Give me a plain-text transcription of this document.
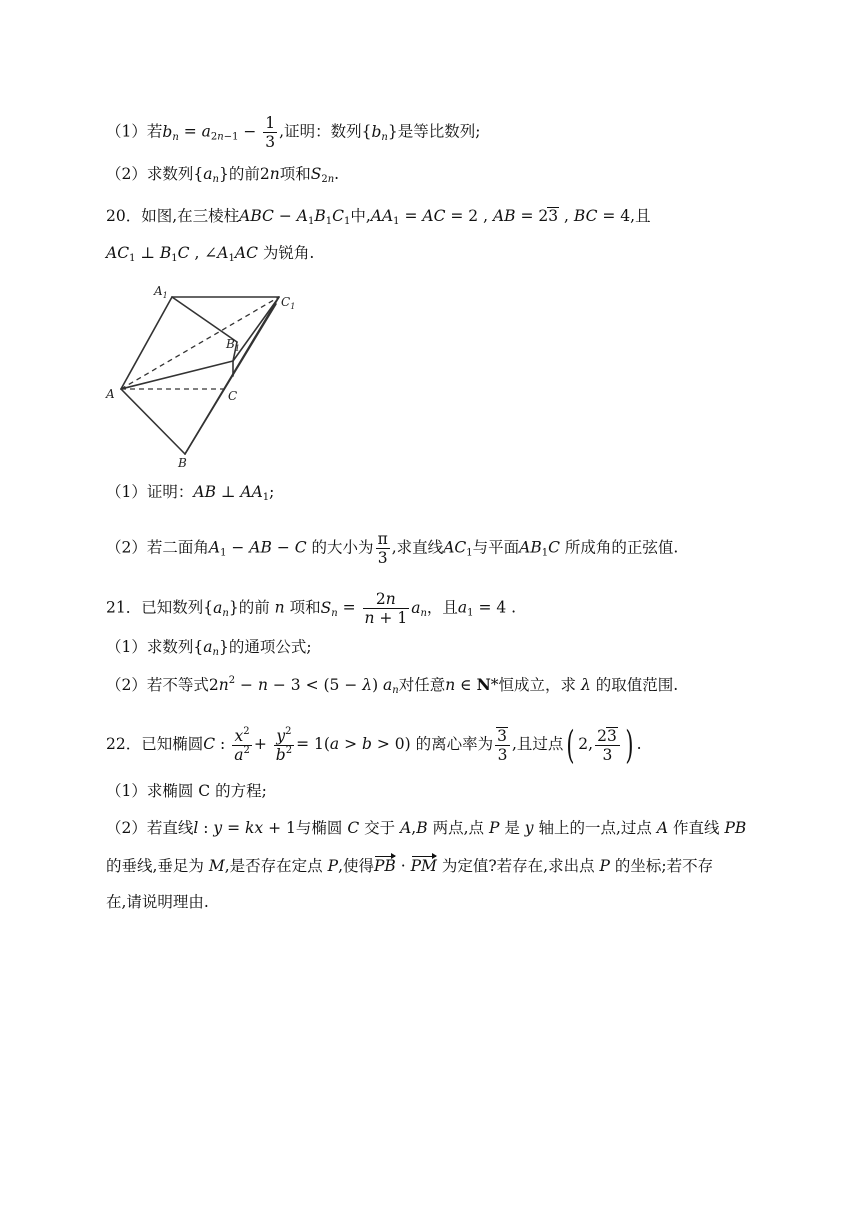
（1）若$b_n = a_{2n-1} - \frac{1}{3}$ ,证明：数列$\{b_n\}$是等比数列;
（2）求数列$\{a_n\}$的前2n项和$S_{2n}$.
20．如图,在三棱柱ABC − $A_1B_1C_1$中$,AA_1$ = AC = 2 , AB = 23 , BC = 4,且
$AC_1$ ⊥ $B_1C$ , $\angle A_1AC$ 为锐角.
$A_1$	$C_1$
$B_1$
A	C
B
（1）证明：AB ⊥ $AA_1$;
（2）若二面角$A_1$ − AB − C 的大小为 $\frac{\pi}{3}$ ,求直线$AC_1$与平面$AB_1C$ 所成角的正弦值.
21．已知数列$\{a_n\}$的前 n 项和$S_n = \frac{2n}{n + 1} a_n$，且$a_1 = 4$ .
（1）求数列$\{a_n\}$的通项公式;
（2）若不等式$2n^2 - n - 3 < (5 - \lambda)$ $a_n$对任意n ∈ N*恒成立，求 λ 的取值范围.
22．已知椭圆C : $\frac{x^2}{a^2} + \frac{y^2}{b^2} = 1(a > b > 0)$ 的离心率为 $\frac{3}{3}$ ,且过点( 2, $\frac{23}{3}$ ) .
（1）求椭圆 C 的方程;
（2）若直线l : y = kx + 1与椭圆 C 交于 A,B 两点,点 P 是 y 轴上的一点,过点 A 作直线 PB
的垂线,垂足为 M,是否存在定点 P,使得PB · PM 为定值?若存在,求出点 P 的坐标;若不存
在,请说明理由.
